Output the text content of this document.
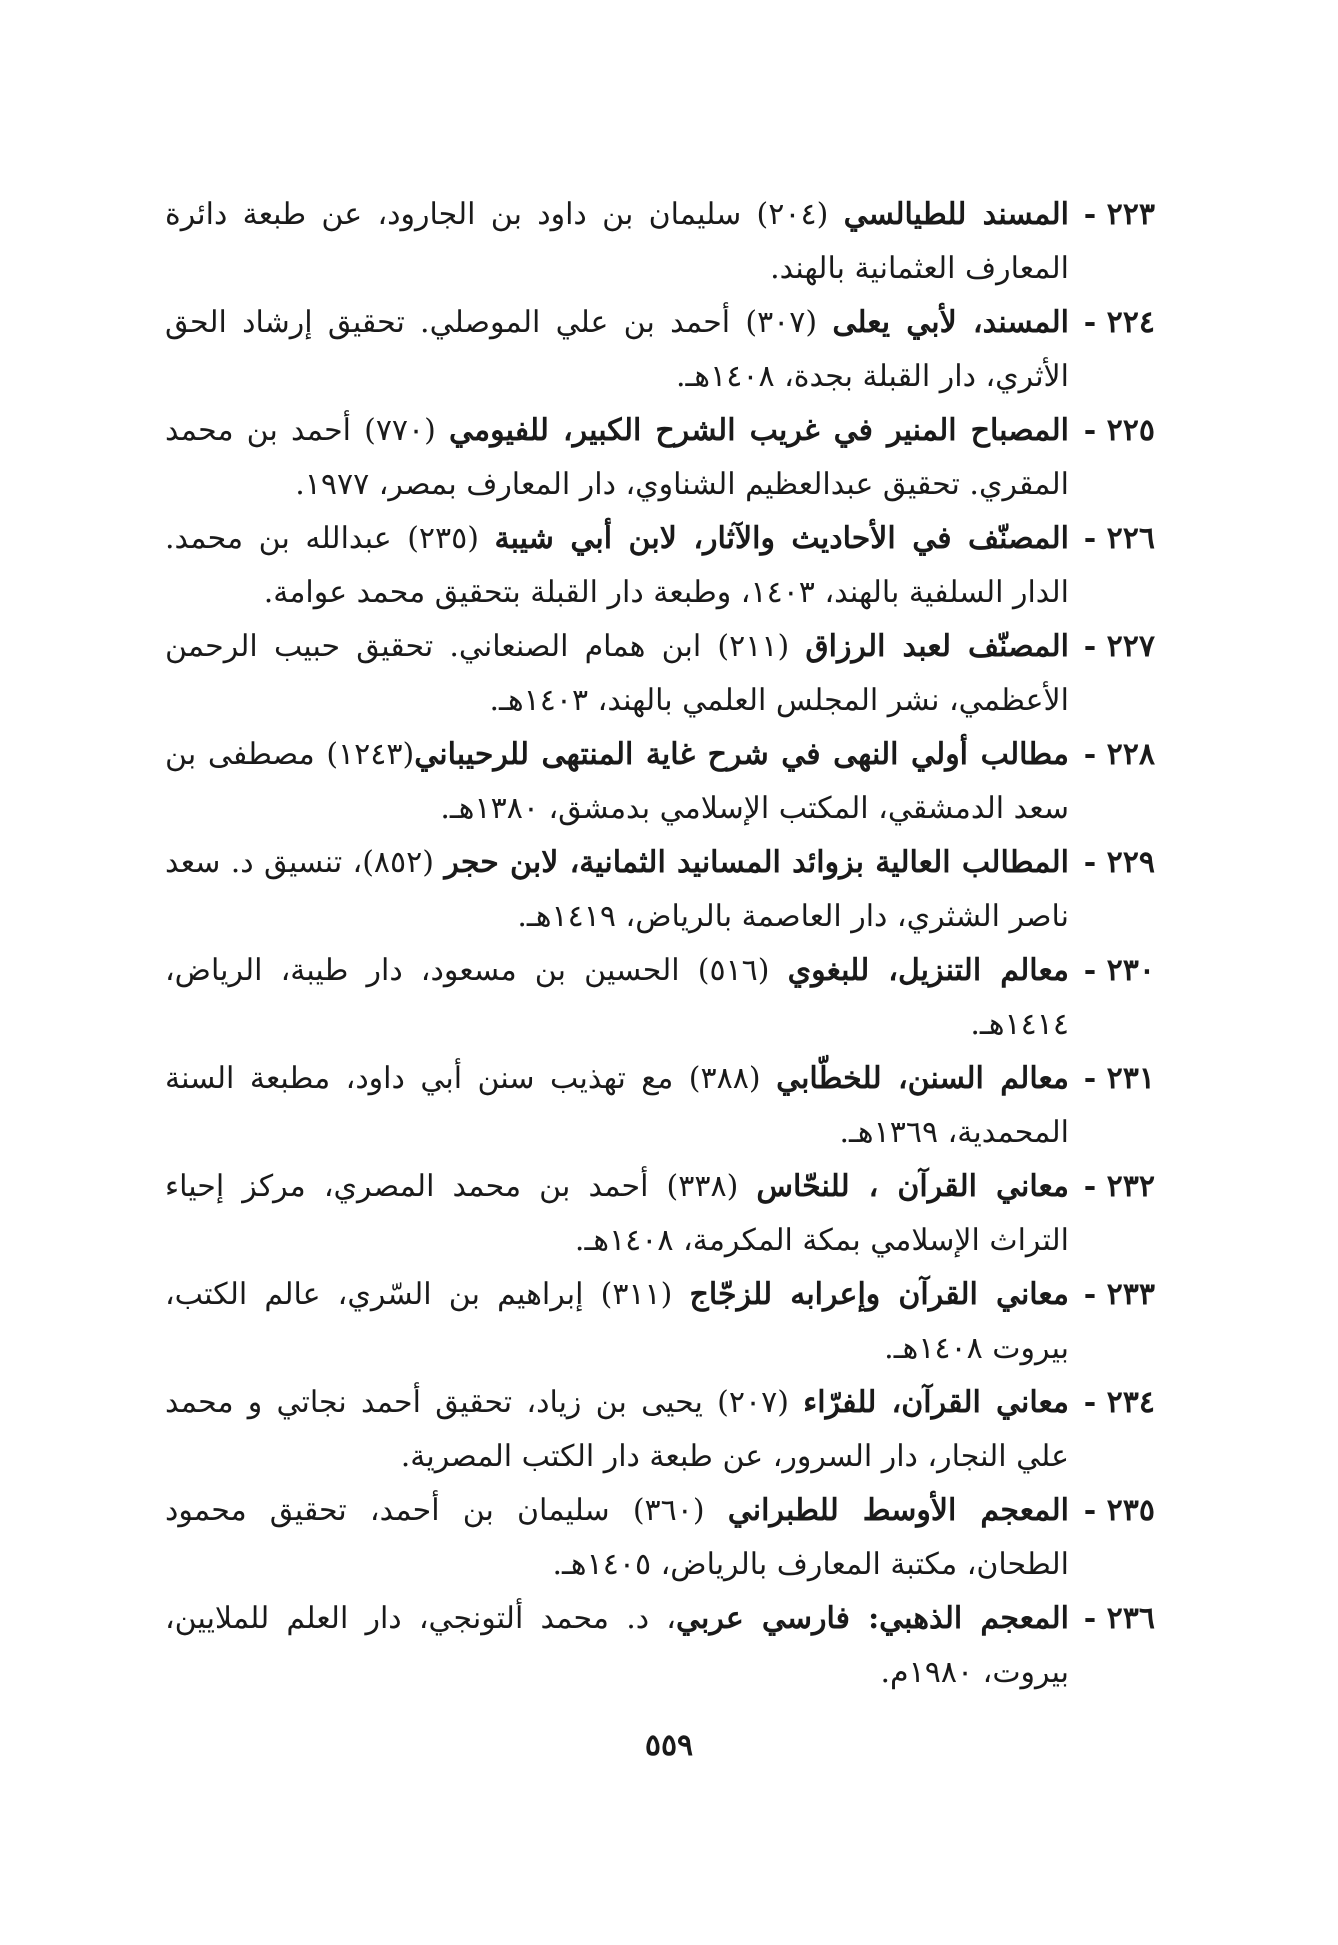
٢٢٣ -
المسند للطيالسي (٢٠٤) سليمان بن داود بن الجارود، عن طبعة دائرة المعارف العثمانية بالهند.
٢٢٤ -
المسند، لأبي يعلى (٣٠٧) أحمد بن علي الموصلي. تحقيق إرشاد الحق الأثري، دار القبلة بجدة، ١٤٠٨هـ.
٢٢٥ -
المصباح المنير في غريب الشرح الكبير، للفيومي (٧٧٠) أحمد بن محمد المقري. تحقيق عبدالعظيم الشناوي، دار المعارف بمصر، ١٩٧٧.
٢٢٦ -
المصنّف في الأحاديث والآثار، لابن أبي شيبة (٢٣٥) عبدالله بن محمد. الدار السلفية بالهند، ١٤٠٣، وطبعة دار القبلة بتحقيق محمد عوامة.
٢٢٧ -
المصنّف لعبد الرزاق (٢١١) ابن همام الصنعاني. تحقيق حبيب الرحمن الأعظمي، نشر المجلس العلمي بالهند، ١٤٠٣هـ.
٢٢٨ -
مطالب أولي النهى في شرح غاية المنتهى للرحيباني(١٢٤٣) مصطفى بن سعد الدمشقي، المكتب الإسلامي بدمشق، ١٣٨٠هـ.
٢٢٩ -
المطالب العالية بزوائد المسانيد الثمانية، لابن حجر (٨٥٢)، تنسيق د. سعد ناصر الشثري، دار العاصمة بالرياض، ١٤١٩هـ.
٢٣٠ -
معالم التنزيل، للبغوي (٥١٦) الحسين بن مسعود، دار طيبة، الرياض، ١٤١٤هـ.
٢٣١ -
معالم السنن، للخطّابي (٣٨٨) مع تهذيب سنن أبي داود، مطبعة السنة المحمدية، ١٣٦٩هـ.
٢٣٢ -
معاني القرآن ، للنحّاس (٣٣٨) أحمد بن محمد المصري، مركز إحياء التراث الإسلامي بمكة المكرمة، ١٤٠٨هـ.
٢٣٣ -
معاني القرآن وإعرابه للزجّاج (٣١١) إبراهيم بن السّري، عالم الكتب، بيروت ١٤٠٨هـ.
٢٣٤ -
معاني القرآن، للفرّاء (٢٠٧) يحيى بن زياد، تحقيق أحمد نجاتي و محمد علي النجار، دار السرور، عن طبعة دار الكتب المصرية.
٢٣٥ -
المعجم الأوسط للطبراني (٣٦٠) سليمان بن أحمد، تحقيق محمود الطحان، مكتبة المعارف بالرياض، ١٤٠٥هـ.
٢٣٦ -
المعجم الذهبي: فارسي عربي، د. محمد ألتونجي، دار العلم للملايين، بيروت، ١٩٨٠م.
٥٥٩
